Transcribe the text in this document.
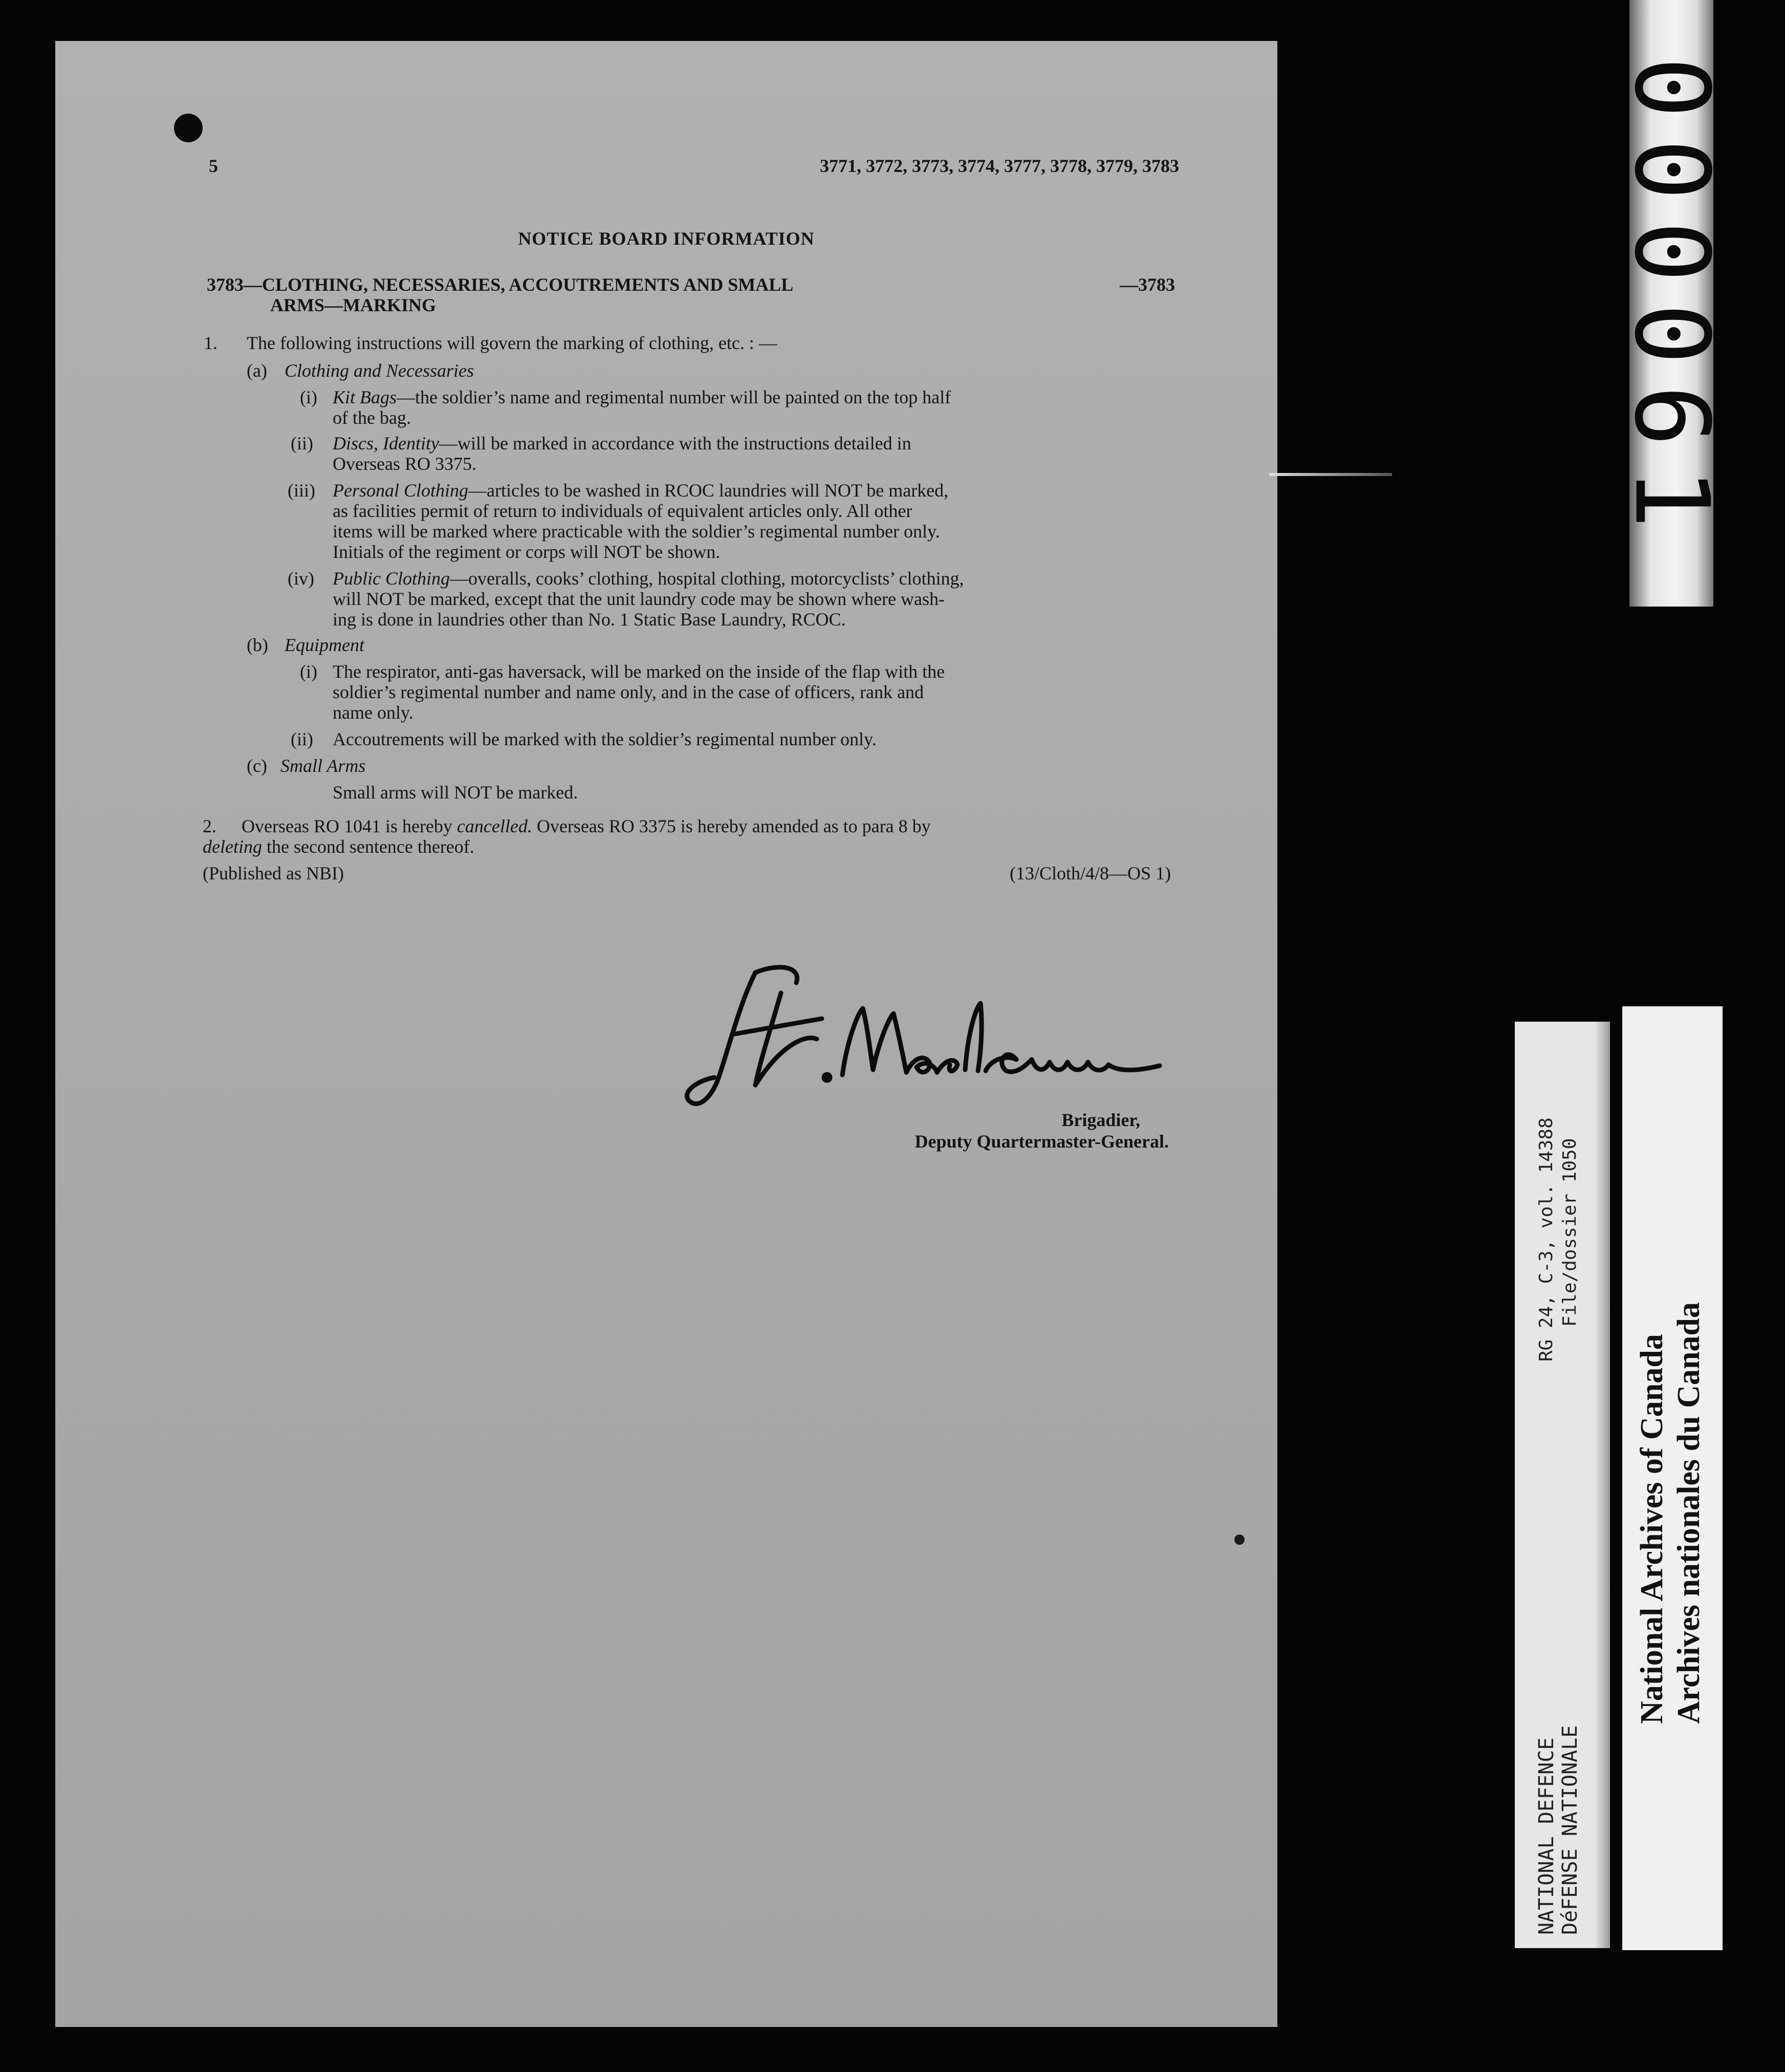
5	3771, 3772, 3773, 3774, 3777, 3778, 3779, 3783
NOTICE BOARD INFORMATION
3783—CLOTHING, NECESSARIES, ACCOUTREMENTS AND SMALL	—3783
ARMS—MARKING
1. The following instructions will govern the marking of clothing, etc. : —
(a) Clothing and Necessaries
(i) Kit Bags—the soldier’s name and regimental number will be painted on the top half
of the bag.
(ii) Discs, Identity—will be marked in accordance with the instructions detailed in
Overseas RO 3375.
(iii) Personal Clothing—articles to be washed in RCOC laundries will NOT be marked,
as facilities permit of return to individuals of equivalent articles only. All other
items will be marked where practicable with the soldier’s regimental number only.
Initials of the regiment or corps will NOT be shown.
(iv) Public Clothing—overalls, cooks’ clothing, hospital clothing, motorcyclists’ clothing,
will NOT be marked, except that the unit laundry code may be shown where wash-
ing is done in laundries other than No. 1 Static Base Laundry, RCOC.
(b) Equipment
(i) The respirator, anti-gas haversack, will be marked on the inside of the flap with the
soldier’s regimental number and name only, and in the case of officers, rank and
name only.
(ii) Accoutrements will be marked with the soldier’s regimental number only.
(c) Small Arms
Small arms will NOT be marked.
2. Overseas RO 1041 is hereby cancelled. Overseas RO 3375 is hereby amended as to para 8 by
deleting the second sentence thereof.
(Published as NBI)	(13/Cloth/4/8—OS 1)
Brigadier,
Deputy Quartermaster-General.
000061
NATIONAL DEFENCE DéFENSE NATIONALE
RG 24, C-3, vol. 14388 File/dossier 1050
National Archives of Canada Archives nationales du Canada
